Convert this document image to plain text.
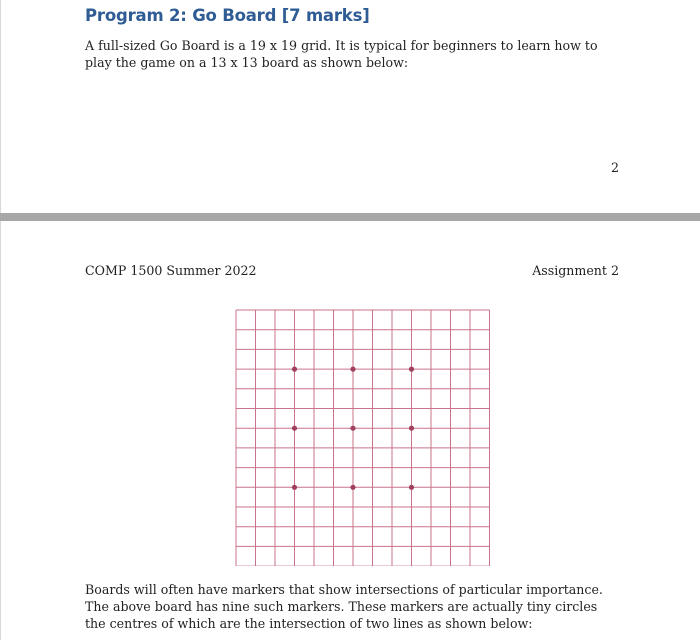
Program 2: Go Board [7 marks]

A full-sized Go Board is a 19 x 19 grid. It is typical for beginners to learn how to play the game on a 13 x 13 board as shown below:

2
COMP 1500 Summer 2022	Assignment 2

Boards will often have markers that show intersections of particular importance. The above board has nine such markers. These markers are actually tiny circles the centres of which are the intersection of two lines as shown below:
